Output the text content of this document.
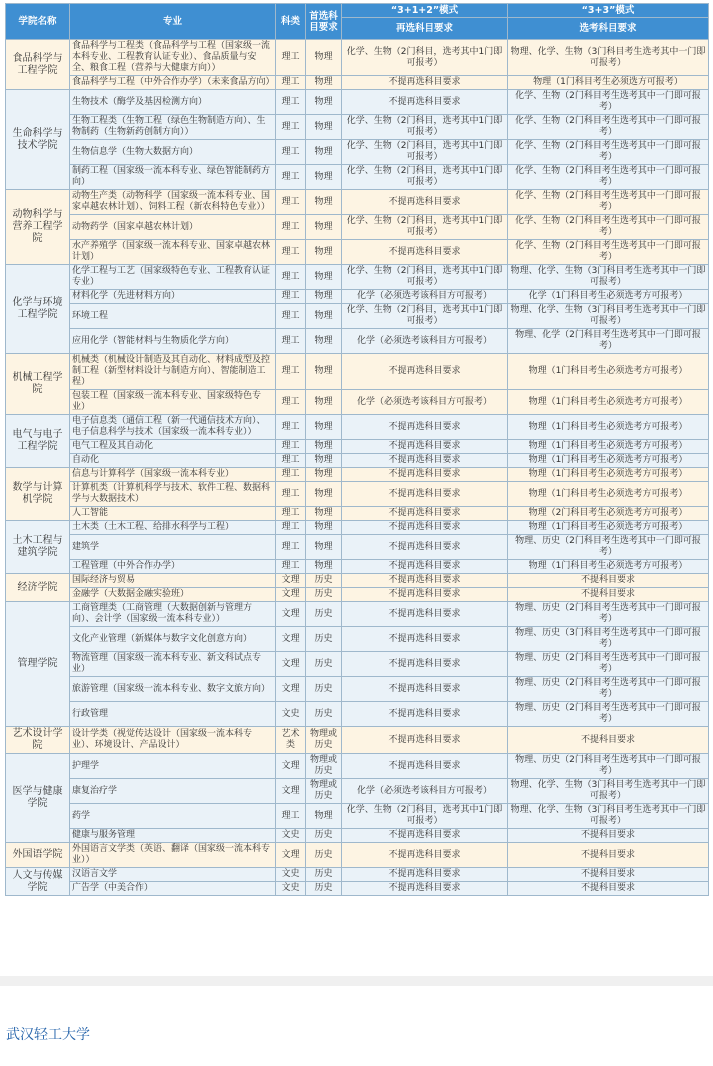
学院名称	专业	科类	首选科目要求	“3+1+2”模式	“3+3”模式
				再选科目要求	选考科目要求
食品科学与工程学院	食品科学与工程类（食品科学与工程（国家级一流本科专业、工程教育认证专业）、食品质量与安全、粮食工程（营养与大健康方向））	理工	物理	化学、生物（2门科目，选考其中1门即可报考）	物理、化学、生物（3门科目考生选考其中一门即可报考）
	食品科学与工程（中外合作办学）（未来食品方向）	理工	物理	不提再选科目要求	物理（1门科目考生必须选方可报考）
生命科学与技术学院	生物技术（酶学及基因检测方向）	理工	物理	不提再选科目要求	化学、生物（2门科目考生选考其中一门即可报考）
	生物工程类（生物工程（绿色生物制造方向）、生物制药（生物新药创制方向））	理工	物理	化学、生物（2门科目，选考其中1门即可报考）	化学、生物（2门科目考生选考其中一门即可报考）
	生物信息学（生物大数据方向）	理工	物理	化学、生物（2门科目，选考其中1门即可报考）	化学、生物（2门科目考生选考其中一门即可报考）
	制药工程（国家级一流本科专业、绿色智能制药方向）	理工	物理	化学、生物（2门科目，选考其中1门即可报考）	化学、生物（2门科目考生选考其中一门即可报考）
动物科学与营养工程学院	动物生产类（动物科学（国家级一流本科专业、国家卓越农林计划）、饲料工程（新农科特色专业））	理工	物理	不提再选科目要求	化学、生物（2门科目考生选考其中一门即可报考）
	动物药学（国家卓越农林计划）	理工	物理	化学、生物（2门科目，选考其中1门即可报考）	化学、生物（2门科目考生选考其中一门即可报考）
	水产养殖学（国家级一流本科专业、国家卓越农林计划）	理工	物理	不提再选科目要求	化学、生物（2门科目考生选考其中一门即可报考）
化学与环境工程学院	化学工程与工艺（国家级特色专业、工程教育认证专业）	理工	物理	化学、生物（2门科目，选考其中1门即可报考）	物理、化学、生物（3门科目考生选考其中一门即可报考）
	材料化学（先进材料方向）	理工	物理	化学（必须选考该科目方可报考）	化学（1门科目考生必须选考方可报考）
	环境工程	理工	物理	化学、生物（2门科目，选考其中1门即可报考）	物理、化学、生物（3门科目考生选考其中一门即可报考）
	应用化学（智能材料与生物质化学方向）	理工	物理	化学（必须选考该科目方可报考）	物理、化学（2门科目考生选考其中一门即可报考）
机械工程学院	机械类（机械设计制造及其自动化、材料成型及控制工程（新型材料设计与制造方向）、智能制造工程）	理工	物理	不提再选科目要求	物理（1门科目考生必须选考方可报考）
	包装工程（国家级一流本科专业、国家级特色专业）	理工	物理	化学（必须选考该科目方可报考）	物理（1门科目考生必须选考方可报考）
电气与电子工程学院	电子信息类（通信工程（新一代通信技术方向）、电子信息科学与技术（国家级一流本科专业））	理工	物理	不提再选科目要求	物理（1门科目考生必须选考方可报考）
	电气工程及其自动化	理工	物理	不提再选科目要求	物理（1门科目考生必须选考方可报考）
	自动化	理工	物理	不提再选科目要求	物理（1门科目考生必须选考方可报考）
数学与计算机学院	信息与计算科学（国家级一流本科专业）	理工	物理	不提再选科目要求	物理（1门科目考生必须选考方可报考）
	计算机类（计算机科学与技术、软件工程、数据科学与大数据技术）	理工	物理	不提再选科目要求	物理（1门科目考生必须选考方可报考）
	人工智能	理工	物理	不提再选科目要求	物理（2门科目考生必须选考方可报考）
土木工程与建筑学院	土木类（土木工程、给排水科学与工程）	理工	物理	不提再选科目要求	物理（1门科目考生必须选考方可报考）
	建筑学	理工	物理	不提再选科目要求	物理、历史（2门科目考生选考其中一门即可报考）
	工程管理（中外合作办学）	理工	物理	不提再选科目要求	物理（1门科目考生必须选考方可报考）
经济学院	国际经济与贸易	文理	历史	不提再选科目要求	不提科目要求
	金融学（大数据金融实验班）	文理	历史	不提再选科目要求	不提科目要求
管理学院	工商管理类（工商管理（大数据创新与管理方向）、会计学（国家级一流本科专业））	文理	历史	不提再选科目要求	物理、历史（2门科目考生选考其中一门即可报考）
	文化产业管理（新媒体与数字文化创意方向）	文理	历史	不提再选科目要求	物理、历史（3门科目考生选考其中一门即可报考）
	物流管理（国家级一流本科专业、新文科试点专业）	文理	历史	不提再选科目要求	物理、历史（2门科目考生选考其中一门即可报考）
	旅游管理（国家级一流本科专业、数字文旅方向）	文理	历史	不提再选科目要求	物理、历史（2门科目考生选考其中一门即可报考）
	行政管理	文史	历史	不提再选科目要求	物理、历史（2门科目考生选考其中一门即可报考）
艺术设计学院	设计学类（视觉传达设计（国家级一流本科专业）、环境设计、产品设计）	艺术类	物理或历史	不提再选科目要求	不提科目要求
医学与健康学院	护理学	文理	物理或历史	不提再选科目要求	物理、历史（2门科目考生选考其中一门即可报考）
	康复治疗学	文理	物理或历史	化学（必须选考该科目方可报考）	物理、化学、生物（3门科目考生选考其中一门即可报考）
	药学	理工	物理	化学、生物（2门科目，选考其中1门即可报考）	物理、化学、生物（3门科目考生选考其中一门即可报考）
	健康与服务管理	文史	历史	不提再选科目要求	不提科目要求
外国语学院	外国语言文学类（英语、翻译（国家级一流本科专业））	文理	历史	不提再选科目要求	不提科目要求
人文与传媒学院	汉语言文学	文史	历史	不提再选科目要求	不提科目要求
	广告学（中美合作）	文史	历史	不提再选科目要求	不提科目要求
武汉轻工大学
